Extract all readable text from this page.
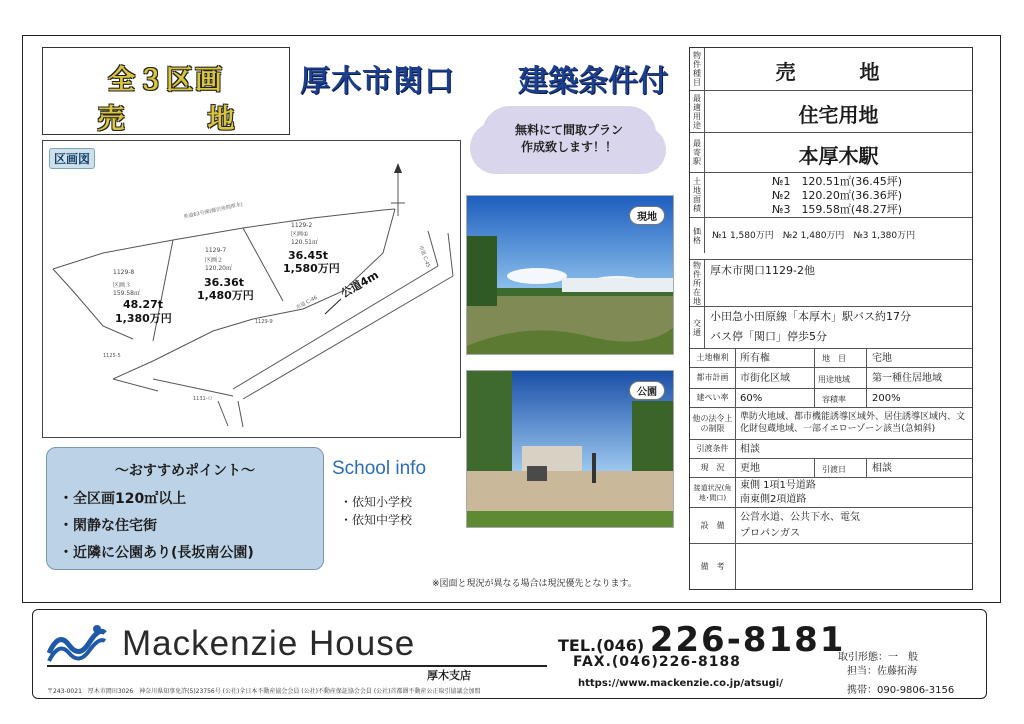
全３区画
売　地
厚木市関口 建築条件付
無料にて間取プラン
作成致します！！
区画図
1129-2
区画①
120.51㎡
36.45t
1,580万円
1129-7
区画２
120.20㎡
36.36t
1,480万円
1129-8
区画３
159.58㎡
48.27t
1,380万円
公道4m
市道 C-46
県道63号線(藤沢座間厚木)
市道 C-45
1125-5
1131-ロ
1129-9
現地
公園
～おすすめポイント～
・全区画120㎡以上
・閑静な住宅街
・近隣に公園あり(長坂南公園)
School info
・依知小学校
・依知中学校
※図面と現況が異なる場合は現況優先となります。
物件種目	売　地
最適用途	住宅用地
最寄駅	本厚木駅
土地面積	№1　120.51㎡(36.45坪)
№2　120.20㎡(36.36坪)
№3　159.58㎡(48.27坪)
価格	№1 1,580万円　№2 1,480万円　№3 1,380万円
物件所在地 厚木市関口1129-2他
交通
小田急小田原線「本厚木」駅バス約17分
バス停「関口」停歩5分
土地権利	所有権	地　目	宅地
都市計画	市街化区域	用途地域 第一種住居地域
建ぺい率	60%	容積率	200%
他の法令上の制限
準防火地域、都市機能誘導区域外、居住誘導区域内、文化財包蔵地域、一部イエローゾーン該当(急傾斜)
引渡条件	相談
現　況	更地	引渡日	相談
接道状況(角地･間口)
東側 1項1号道路
南東側2項道路
設　備
公営水道、公共下水、電気
プロパンガス
備　考
Mackenzie House
厚木支店
〒243-0021　厚木市岡田3026　神奈川県知事免許(5)23756号 (公社)全日本不動産協会会員 (公社)不動産保証協会会員 (公社)首都圏不動産公正取引協議会加盟
TEL.(046) 226-8181
FAX.(046)226-8188
https://www.mackenzie.co.jp/atsugi/
取引形態：一　般
担当：佐藤拓海
携帯：090-9806-3156
